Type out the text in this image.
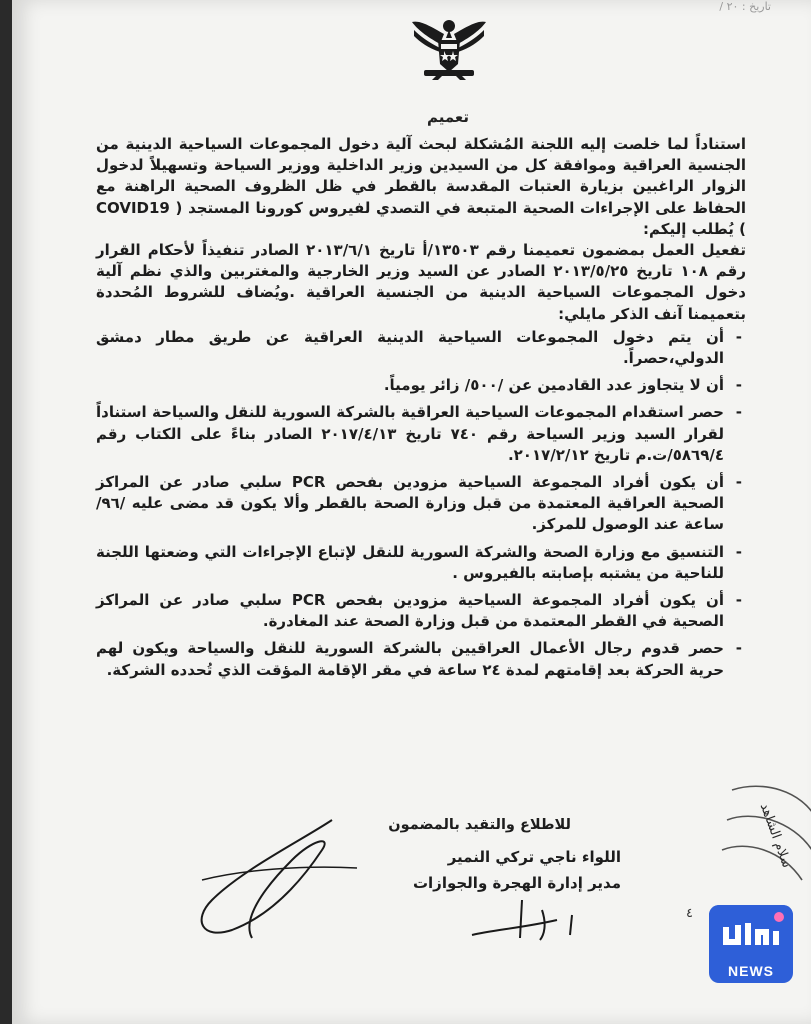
تاريخ : ٢٠ /
تعميم

استناداً لما خلصت إليه اللجنة المُشكلة لبحث آلية دخول المجموعات السياحية الدينية من الجنسية العراقية وموافقة كل من السيدين وزير الداخلية ووزير السياحة وتسهيلاً لدخول الزوار الراغبين بزيارة العتبات المقدسة بالقطر في ظل الظروف الصحية الراهنة مع الحفاظ على الإجراءات الصحية المتبعة في التصدي لفيروس كورونا المستجد ( COVID19 ) يُطلب إليكم:

تفعيل العمل بمضمون تعميمنا رقم ١٣٥٠٣/أ تاريخ ٢٠١٣/٦/١ الصادر تنفيذاً لأحكام القرار رقم ١٠٨ تاريخ ٢٠١٣/٥/٢٥ الصادر عن السيد وزير الخارجية والمغتربين والذي نظم آلية دخول المجموعات السياحية الدينية من الجنسية العراقية .ويُضاف للشروط المُحددة بتعميمنا آنف الذكر مايلي:

- أن يتم دخول المجموعات السياحية الدينية العراقية عن طريق مطار دمشق الدولي،حصراً.
- أن لا يتجاوز عدد القادمين عن /٥٠٠/ زائر يومياً.
- حصر استقدام المجموعات السياحية العراقية بالشركة السورية للنقل والسياحة استناداً لقرار السيد وزير السياحة رقم ٧٤٠ تاريخ ٢٠١٧/٤/١٣ الصادر بناءً على الكتاب رقم ٥٨٦٩/٤/ت.م تاريخ ٢٠١٧/٢/١٢.
- أن يكون أفراد المجموعة السياحية مزودين بفحص PCR سلبي صادر عن المراكز الصحية العراقية المعتمدة من قبل وزارة الصحة بالقطر وألا يكون قد مضى عليه /٩٦/ ساعة عند الوصول للمركز.
- التنسيق مع وزارة الصحة والشركة السورية للنقل لإتباع الإجراءات التي وضعتها اللجنة للناحية من يشتبه بإصابته بالفيروس .
- أن يكون أفراد المجموعة السياحية مزودين بفحص PCR سلبي صادر عن المراكز الصحية في القطر المعتمدة من قبل وزارة الصحة عند المغادرة.
- حصر قدوم رجال الأعمال العراقيين بالشركة السورية للنقل والسياحة ويكون لهم حرية الحركة بعد إقامتهم لمدة ٢٤ ساعة في مقر الإقامة المؤقت الذي تُحدده الشركة.
للاطلاع والتقيد بالمضمون
اللواء ناجي تركي النمير
مدير إدارة الهجرة والجوازات
سلام الشاهد
٤
NEWS
